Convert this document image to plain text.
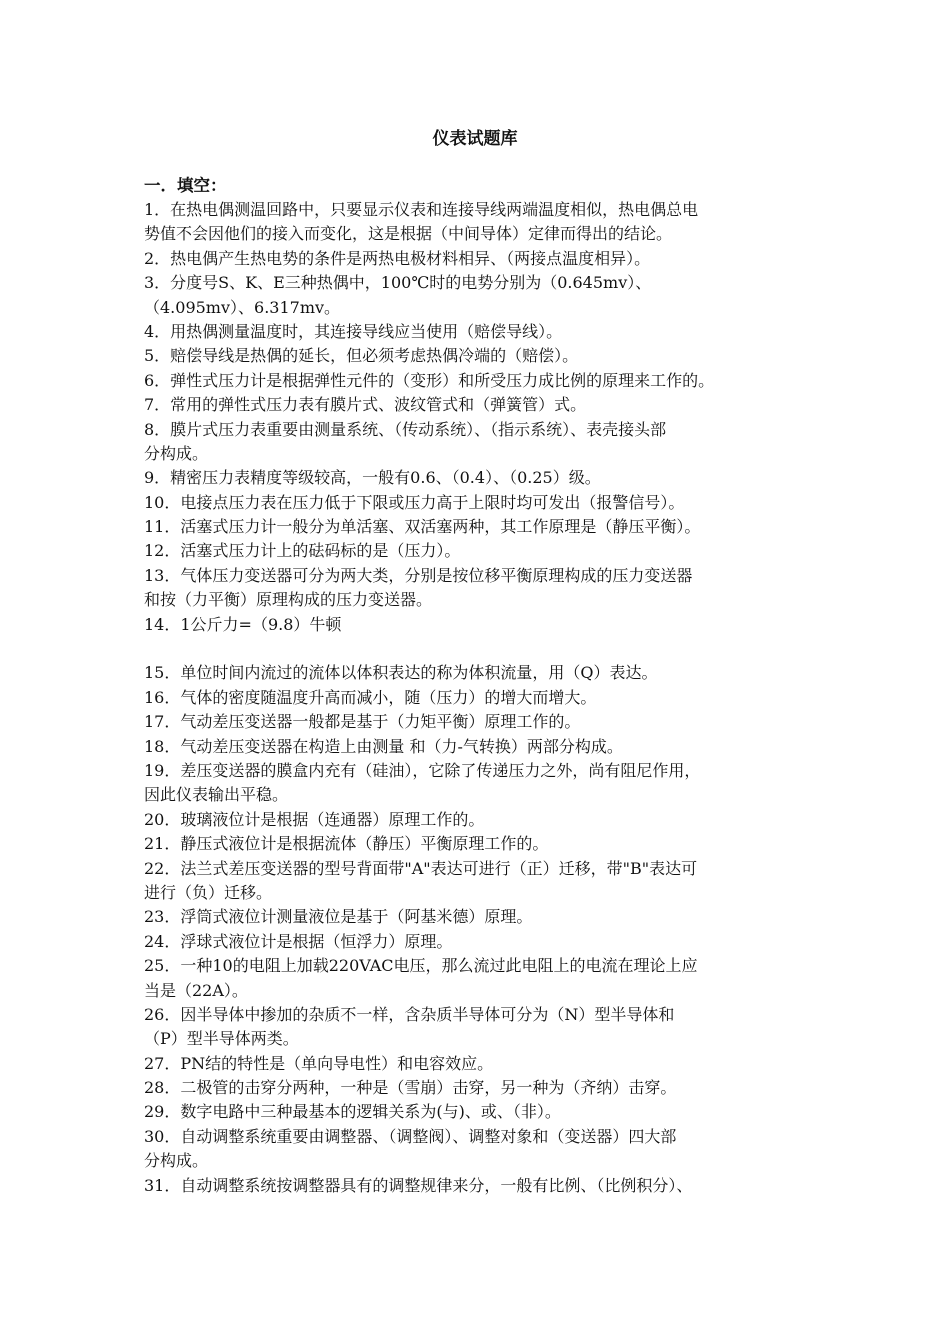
仪表试题库
一．填空：
1．在热电偶测温回路中，只要显示仪表和连接导线两端温度相似，热电偶总电
势值不会因他们的接入而变化，这是根据（中间导体）定律而得出的结论。
2．热电偶产生热电势的条件是两热电极材料相异、（两接点温度相异）。
3．分度号S、K、E三种热偶中，100℃时的电势分别为（0.645mv）、
（4.095mv）、6.317mv。
4．用热偶测量温度时，其连接导线应当使用（赔偿导线）。
5．赔偿导线是热偶的延长，但必须考虑热偶冷端的（赔偿）。
6．弹性式压力计是根据弹性元件的（变形）和所受压力成比例的原理来工作的。
7．常用的弹性式压力表有膜片式、波纹管式和（弹簧管）式。
8．膜片式压力表重要由测量系统、（传动系统）、（指示系统）、表壳接头部
分构成。
9．精密压力表精度等级较高，一般有0.6、（0.4）、（0.25）级。
10．电接点压力表在压力低于下限或压力高于上限时均可发出（报警信号）。
11．活塞式压力计一般分为单活塞、双活塞两种，其工作原理是（静压平衡）。
12．活塞式压力计上的砝码标的是（压力）。
13．气体压力变送器可分为两大类，分别是按位移平衡原理构成的压力变送器
和按（力平衡）原理构成的压力变送器。
14．1公斤力=（9.8）牛顿
15．单位时间内流过的流体以体积表达的称为体积流量，用（Q）表达。
16．气体的密度随温度升高而减小，随（压力）的增大而增大。
17．气动差压变送器一般都是基于（力矩平衡）原理工作的。
18．气动差压变送器在构造上由测量 和（力-气转换）两部分构成。
19．差压变送器的膜盒内充有（硅油），它除了传递压力之外，尚有阻尼作用，
因此仪表输出平稳。
20．玻璃液位计是根据（连通器）原理工作的。
21．静压式液位计是根据流体（静压）平衡原理工作的。
22．法兰式差压变送器的型号背面带"A"表达可进行（正）迁移，带"B"表达可
进行（负）迁移。
23．浮筒式液位计测量液位是基于（阿基米德）原理。
24．浮球式液位计是根据（恒浮力）原理。
25．一种10的电阻上加载220VAC电压，那么流过此电阻上的电流在理论上应
当是（22A）。
26．因半导体中掺加的杂质不一样，含杂质半导体可分为（N）型半导体和
（P）型半导体两类。
27．PN结的特性是（单向导电性）和电容效应。
28．二极管的击穿分两种，一种是（雪崩）击穿，另一种为（齐纳）击穿。
29．数字电路中三种最基本的逻辑关系为(与)、或、（非）。
30．自动调整系统重要由调整器、（调整阀）、调整对象和（变送器）四大部
分构成。
31．自动调整系统按调整器具有的调整规律来分，一般有比例、（比例积分）、
